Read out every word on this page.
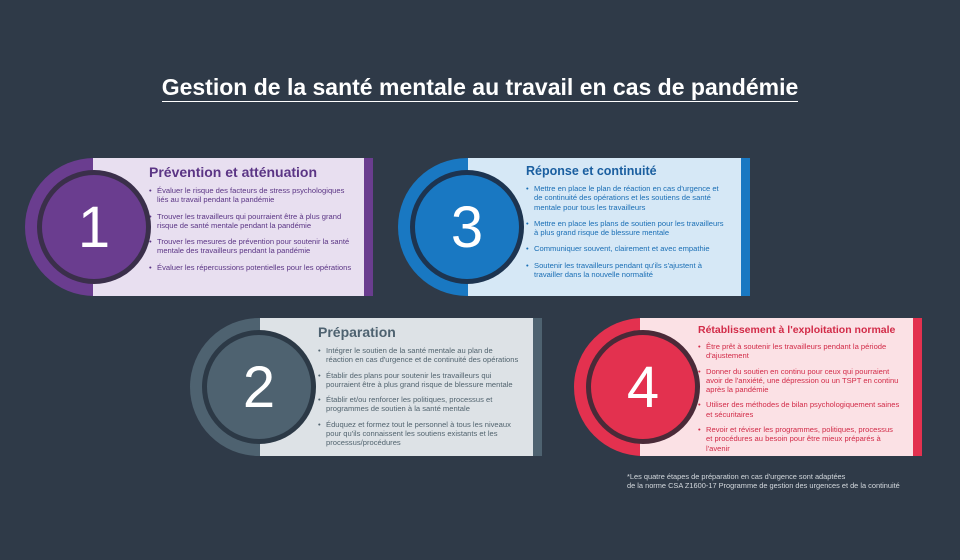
Gestion de la santé mentale au travail en cas de pandémie
Prévention et atténuation
• Évaluer le risque des facteurs de stress psychologiques liés au travail pendant la pandémie
• Trouver les travailleurs qui pourraient être à plus grand risque de santé mentale pendant la pandémie
• Trouver les mesures de prévention pour soutenir la santé mentale des travailleurs pendant la pandémie
• Évaluer les répercussions potentielles pour les opérations
1
Réponse et continuité
• Mettre en place le plan de réaction en cas d'urgence et de continuité des opérations et les soutiens de santé mentale pour tous les travailleurs
• Mettre en place les plans de soutien pour les travailleurs à plus grand risque de blessure mentale
• Communiquer souvent, clairement et avec empathie
• Soutenir les travailleurs pendant qu'ils s'ajustent à travailler dans la nouvelle normalité
3
Préparation
• Intégrer le soutien de la santé mentale au plan de réaction en cas d'urgence et de continuité des opérations
• Établir des plans pour soutenir les travailleurs qui pourraient être à plus grand risque de blessure mentale
• Établir et/ou renforcer les politiques, processus et programmes de soutien à la santé mentale
• Éduquez et formez tout le personnel à tous les niveaux pour qu'ils connaissent les soutiens existants et les processus/procédures
2
Rétablissement à l'exploitation normale
• Être prêt à soutenir les travailleurs pendant la période d'ajustement
• Donner du soutien en continu pour ceux qui pourraient avoir de l'anxiété, une dépression ou un TSPT en continu après la pandémie
• Utiliser des méthodes de bilan psychologiquement saines et sécuritaires
• Revoir et réviser les programmes, politiques, processus et procédures au besoin pour être mieux préparés à l'avenir
4
*Les quatre étapes de préparation en cas d'urgence sont adaptées
de la norme CSA Z1600-17 Programme de gestion des urgences et de la continuité
